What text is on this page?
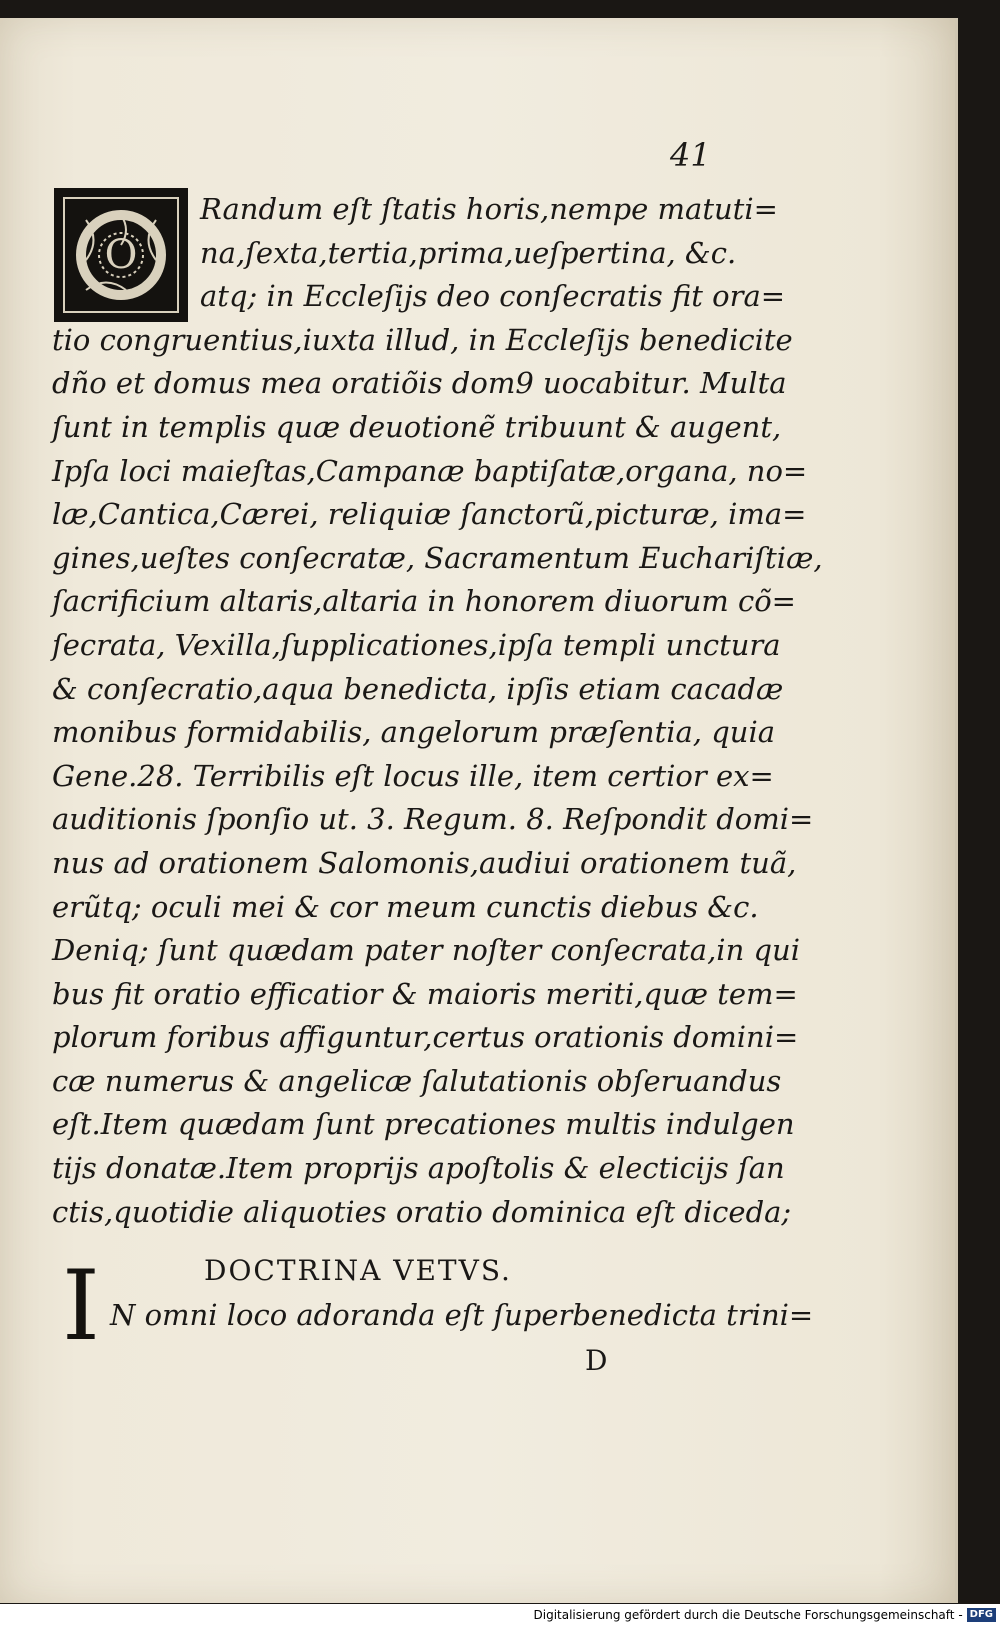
41
O
Randum eſt ſtatis horis,nempe matuti=
na,ſexta,tertia,prima,ueſpertina, &c.
atq; in Eccleſijs deo conſecratis fit ora=
tio congruentius,iuxta illud, in Eccleſijs benedicite
dño et domus mea oratiõis dom9 uocabitur. Multa
ſunt in templis quæ deuotionẽ tribuunt & augent,
Ipſa loci maieſtas,Campanæ baptiſatæ,organa, no=
læ,Cantica,Cærei, reliquiæ ſanctorũ,picturæ, ima=
gines,ueſtes conſecratæ, Sacramentum Euchariſtiæ,
ſacrificium altaris,altaria in honorem diuorum cõ=
ſecrata, Vexilla,ſupplicationes,ipſa templi unctura
& conſecratio,aqua benedicta, ipſis etiam cacadæ
monibus formidabilis, angelorum præſentia, quia
Gene.28. Terribilis eſt locus ille, item certior ex=
auditionis ſponſio ut. 3. Regum. 8. Reſpondit domi=
nus ad orationem Salomonis,audiui orationem tuã,
erũtq; oculi mei & cor meum cunctis diebus &c.
Deniq; ſunt quædam pater noſter conſecrata,in qui
bus fit oratio efficatior & maioris meriti,quæ tem=
plorum foribus affiguntur,certus orationis domini=
cæ numerus & angelicæ ſalutationis obſeruandus
eſt.Item quædam ſunt precationes multis indulgen
tijs donatæ.Item proprijs apoſtolis & electicijs ſan
ctis,quotidie aliquoties oratio dominica eſt diceda;
DOCTRINA VETVS.
I N omni loco adoranda eſt ſuperbenedicta trini=
D
Digitalisierung gefördert durch die Deutsche Forschungsgemeinschaft - DFG
